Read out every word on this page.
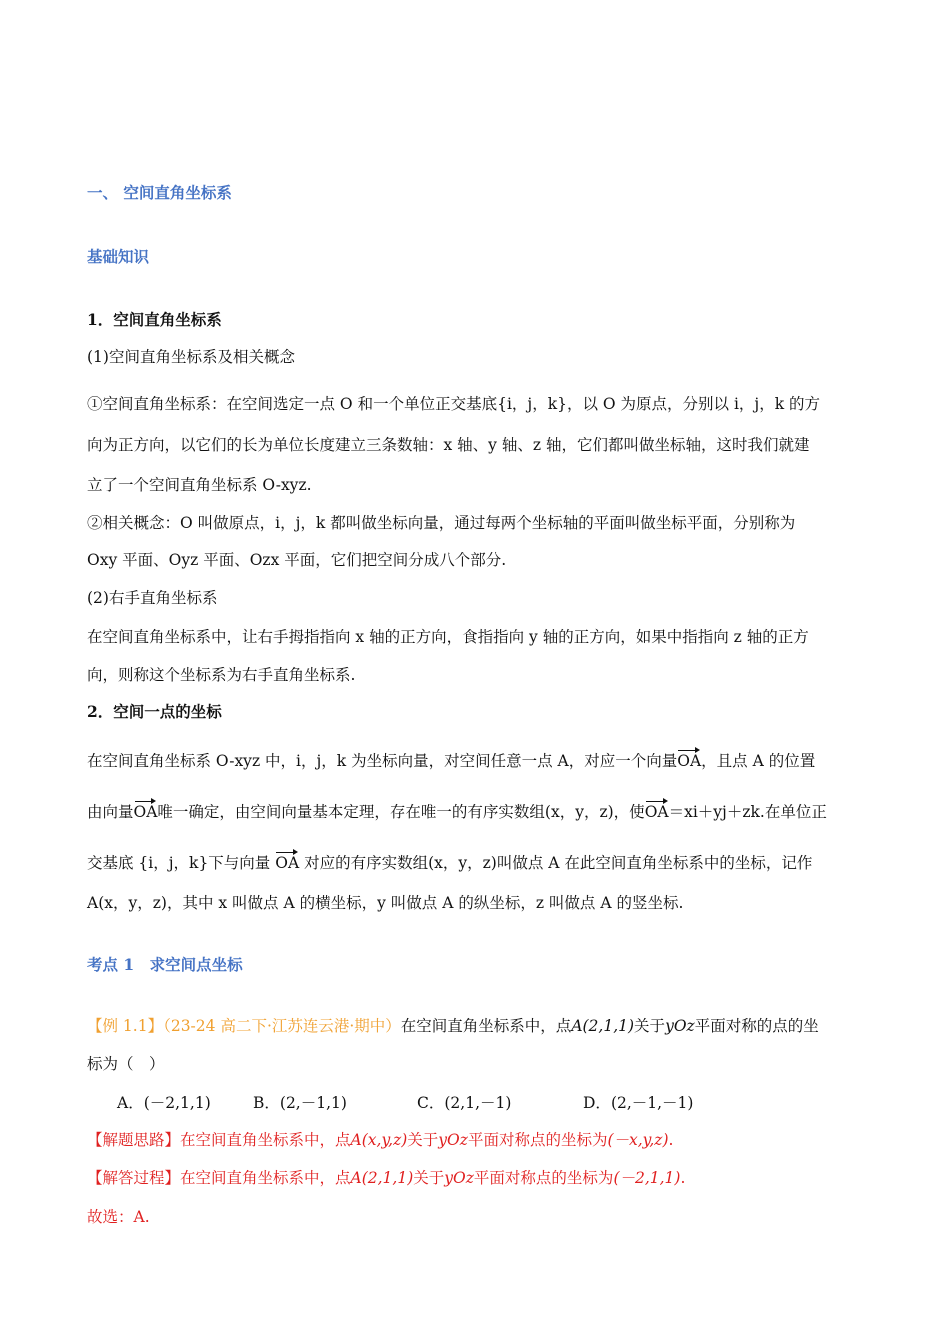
一、 空间直角坐标系
基础知识
1．空间直角坐标系
(1)空间直角坐标系及相关概念
①空间直角坐标系：在空间选定一点 O 和一个单位正交基底{i，j，k}，以 O 为原点，分别以 i，j，k 的方
向为正方向，以它们的长为单位长度建立三条数轴：x 轴、y 轴、z 轴，它们都叫做坐标轴，这时我们就建
立了一个空间直角坐标系 O-xyz.
②相关概念：O 叫做原点，i，j，k 都叫做坐标向量，通过每两个坐标轴的平面叫做坐标平面，分别称为
Oxy 平面、Oyz 平面、Ozx 平面，它们把空间分成八个部分.
(2)右手直角坐标系
在空间直角坐标系中，让右手拇指指向 x 轴的正方向，食指指向 y 轴的正方向，如果中指指向 z 轴的正方
向，则称这个坐标系为右手直角坐标系.
2．空间一点的坐标
在空间直角坐标系 O-xyz 中，i，j，k 为坐标向量，对空间任意一点 A，对应一个向量OA，且点 A 的位置
由向量OA唯一确定，由空间向量基本定理，存在唯一的有序实数组(x，y，z)，使OA＝xi＋yj＋zk.在单位正
交基底 {i，j，k}下与向量 OA 对应的有序实数组(x，y，z)叫做点 A 在此空间直角坐标系中的坐标，记作
A(x，y，z)，其中 x 叫做点 A 的横坐标，y 叫做点 A 的纵坐标，z 叫做点 A 的竖坐标.
考点 1　求空间点坐标
【例 1.1】（23-24 高二下·江苏连云港·期中）在空间直角坐标系中，点A(2,1,1)关于yOz平面对称的点的坐
标为（　）
A．(－2,1,1)	B．(2,－1,1)	C．(2,1,－1)	D．(2,－1,－1)
【解题思路】在空间直角坐标系中，点A(x,y,z)关于yOz平面对称点的坐标为(－x,y,z).
【解答过程】在空间直角坐标系中，点A(2,1,1)关于yOz平面对称点的坐标为(－2,1,1).
故选：A.
